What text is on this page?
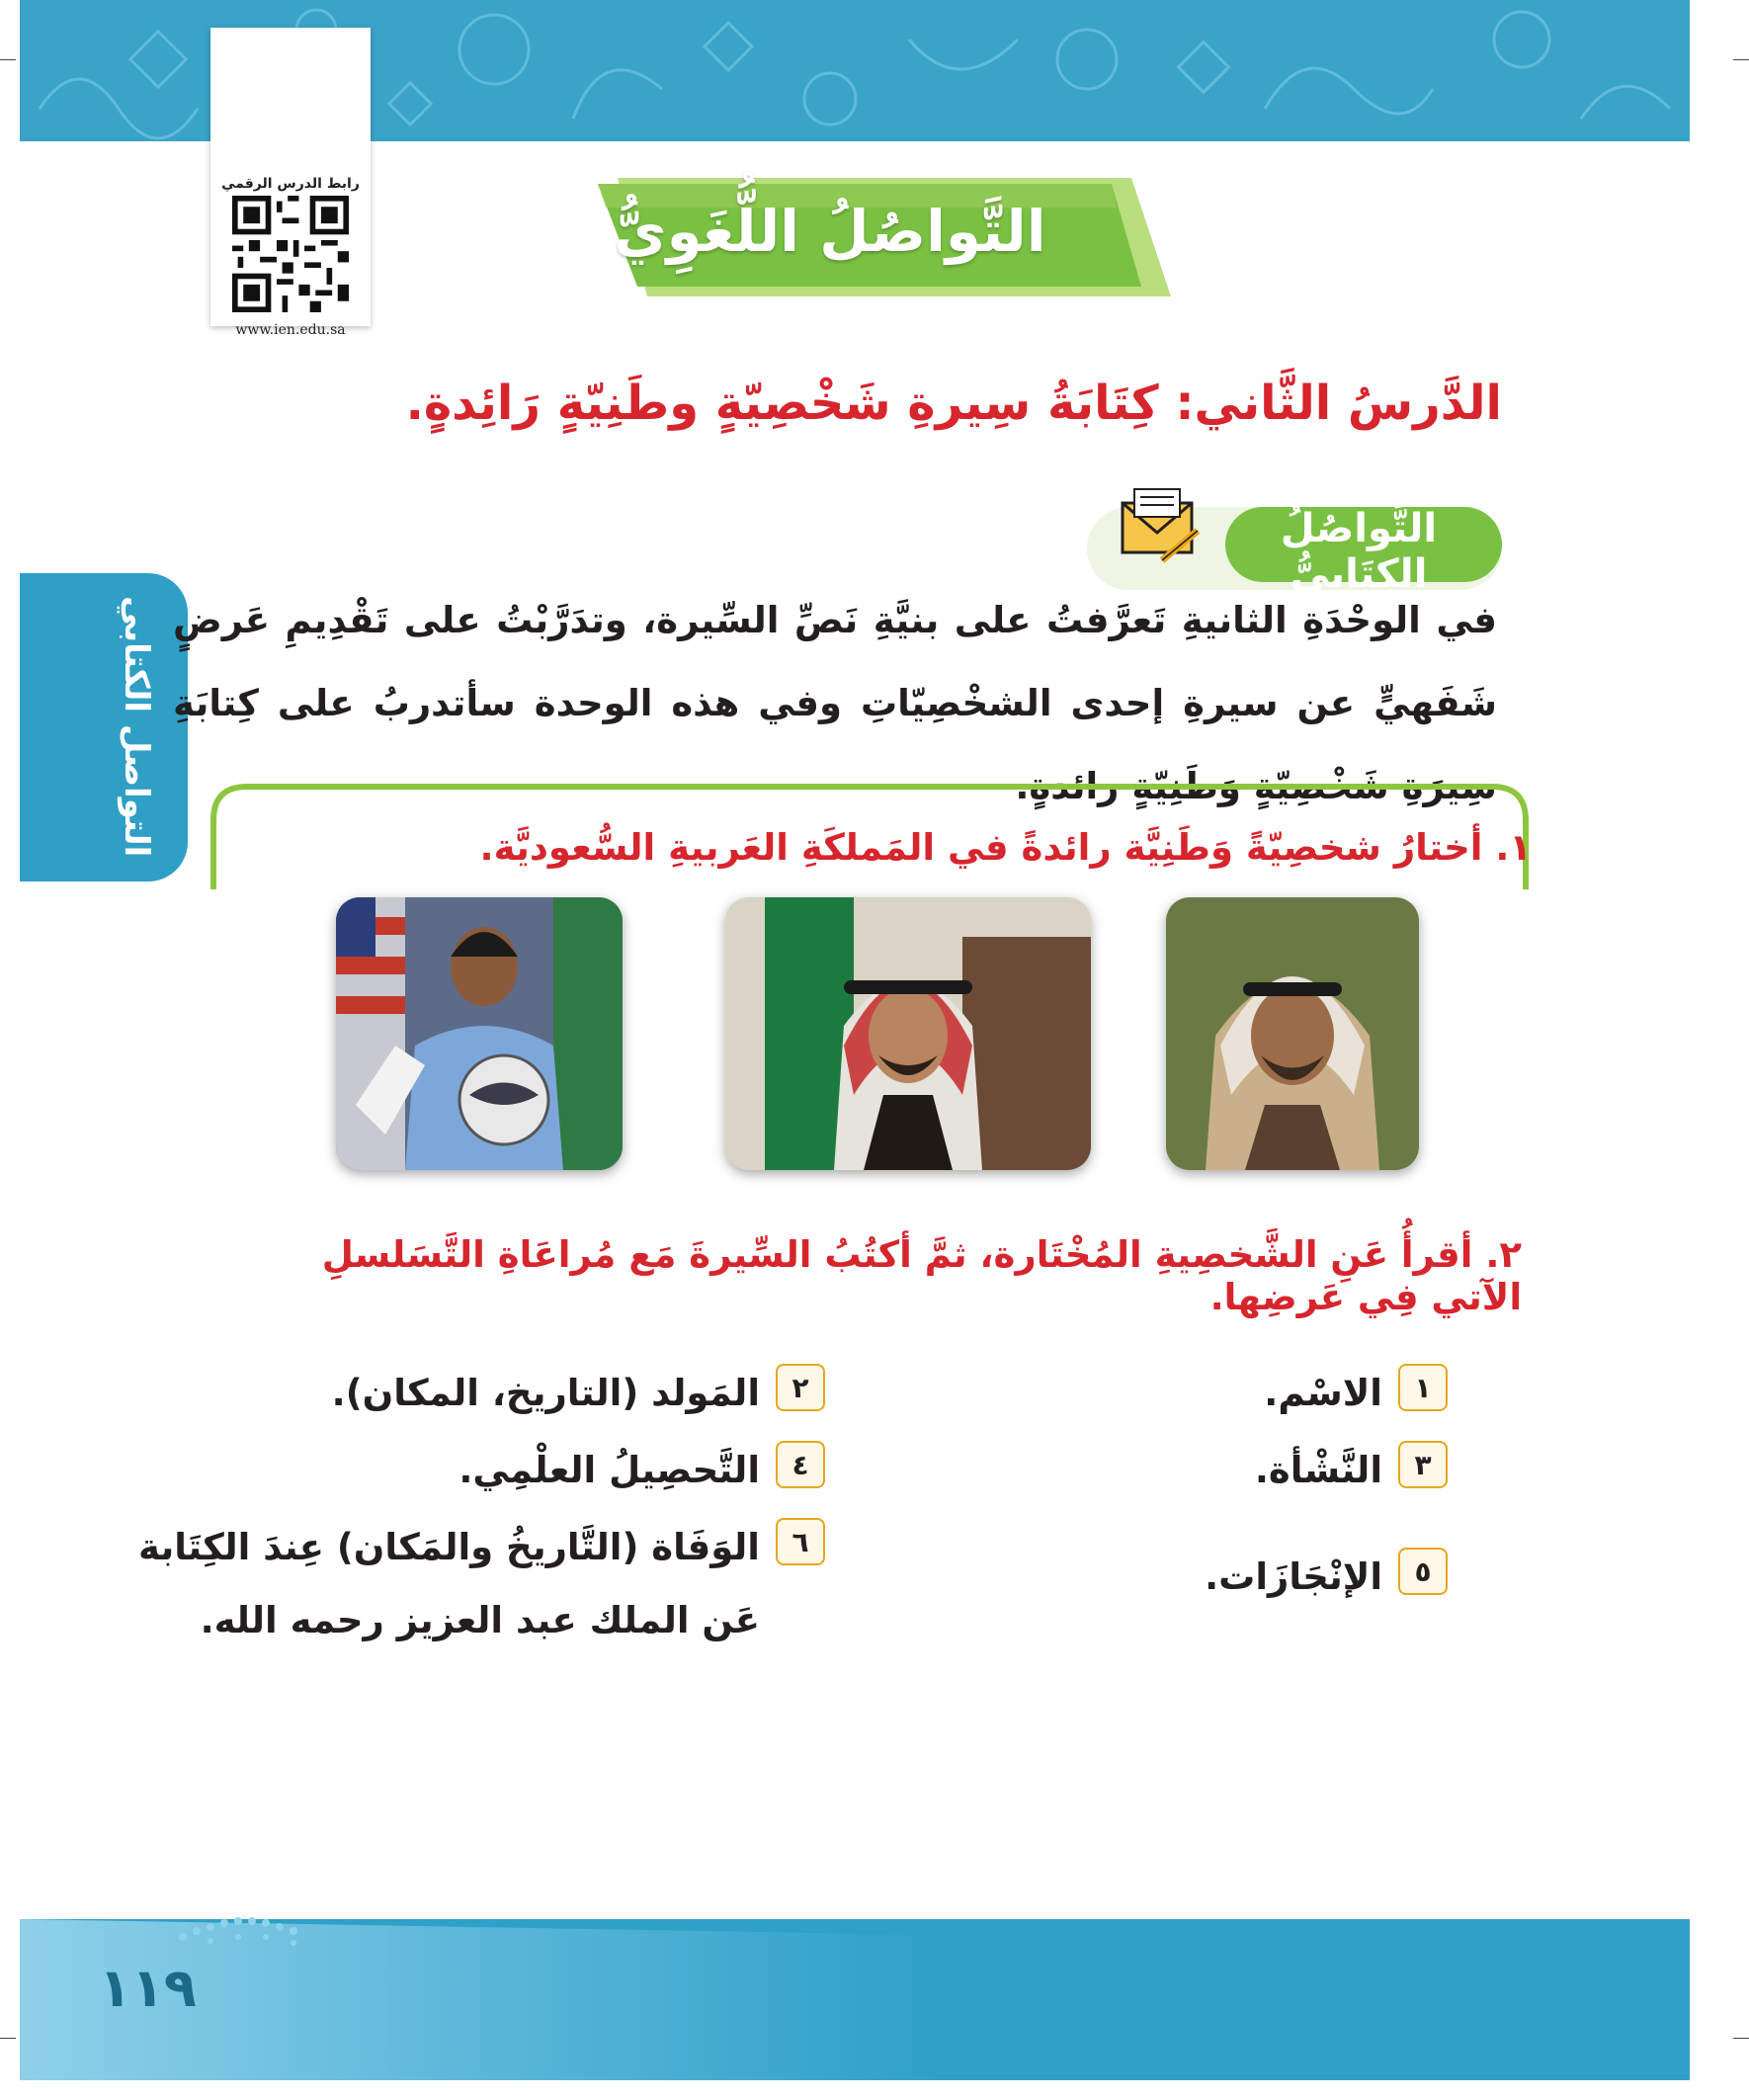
رابط الدرس الرقمي
www.ien.edu.sa
التَّواصُلُ اللُّغَوِيُّ
الدَّرسُ الثَّاني: كِتَابَةُ سِيرةِ شَخْصِيّةٍ وطَنِيّةٍ رَائِدةٍ.
التَّواصُلُ الكِتَابيُّ
التواصل الكتابي في الوحْدَةِ الثانيةِ تَعرَّفتُ على بنيَّةِ نَصِّ السِّيرة، وتدَرَّبْتُ على تَقْدِيمِ عَرضٍ شَفَهيٍّ عن سيرةِ إحدى الشخْصِيّاتِ وفي هذه الوحدة سأتدربُ على كِتابَةِ سِيرَةِ شَخْصِيّةٍ وَطَنِيّةٍ رائدةٍ.
١. أختارُ شخصِيّةً وَطَنِيَّة رائدةً في المَملكَةِ العَربيةِ السُّعوديَّة.
٢. أقرأُ عَنِ الشَّخصِيةِ المُخْتَارة، ثمَّ أكتُبُ السِّيرةَ مَع مُراعَاةِ التَّسَلسلِ الآتي فِي عَرضِها.
١
الاسْم.
٣
النَّشْأة.
٥
الإنْجَازَات.
٢
المَولد (التاريخ، المكان).
٤
التَّحصِيلُ العلْمِي.
٦
الوَفَاة (التَّاريخُ والمَكان) عِندَ الكِتَابة
عَن الملك عبد العزيز رحمه الله.
١١٩
